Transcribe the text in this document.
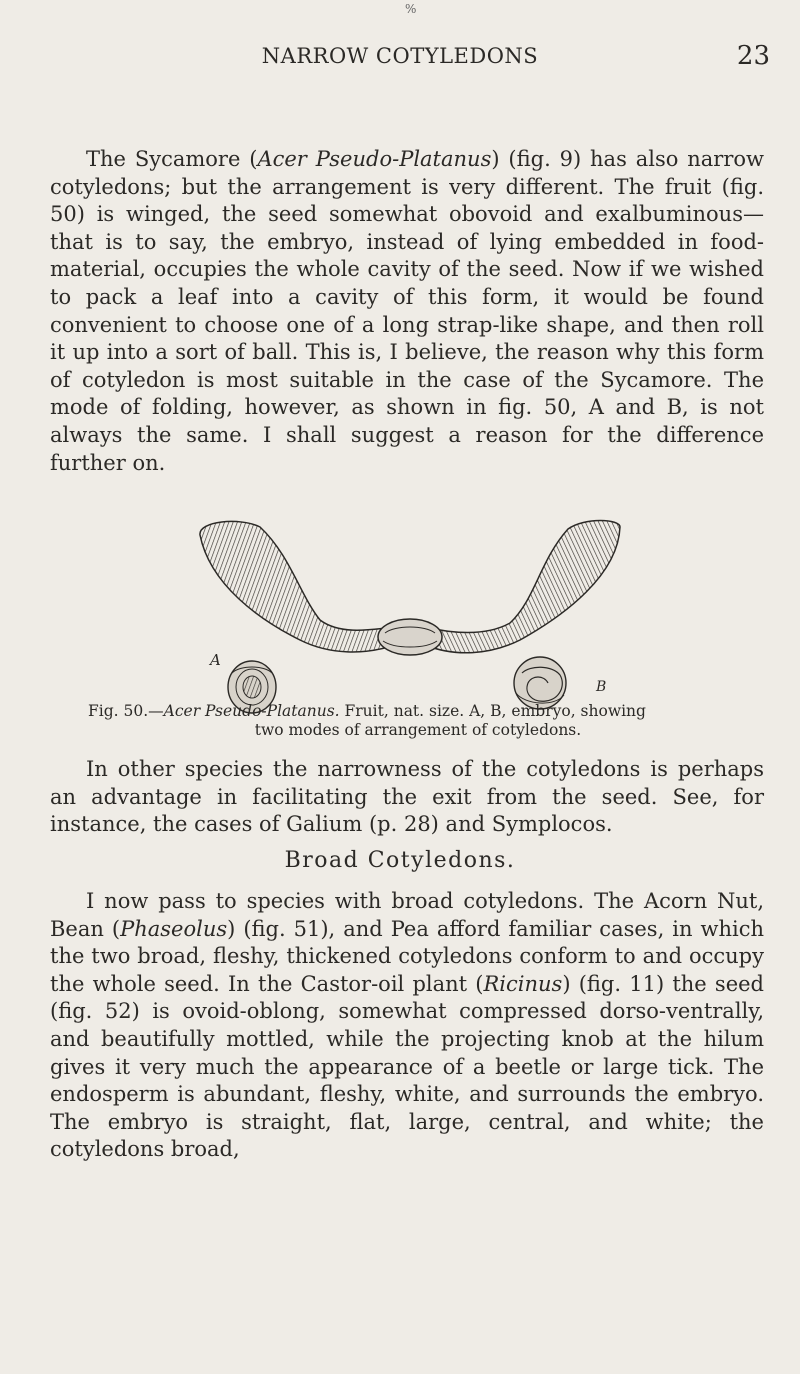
%
NARROW COTYLEDONS	23

The Sycamore (Acer Pseudo-Platanus) (fig. 9) has also narrow cotyledons; but the arrangement is very different. The fruit (fig. 50) is winged, the seed somewhat obovoid and exalbuminous—that is to say, the embryo, instead of lying embedded in food-material, occupies the whole cavity of the seed. Now if we wished to pack a leaf into a cavity of this form, it would be found convenient to choose one of a long strap-like shape, and then roll it up into a sort of ball. This is, I believe, the reason why this form of cotyledon is most suitable in the case of the Sycamore. The mode of folding, however, as shown in fig. 50, A and B, is not always the same. I shall suggest a reason for the difference further on.

A
B

Fig. 50.—Acer Pseudo-Platanus. Fruit, nat. size. A, B, embryo, showing
two modes of arrangement of cotyledons.

In other species the narrowness of the cotyledons is perhaps an advantage in facilitating the exit from the seed. See, for instance, the cases of Galium (p. 28) and Symplocos.

Broad Cotyledons.

I now pass to species with broad cotyledons. The Acorn Nut, Bean (Phaseolus) (fig. 51), and Pea afford familiar cases, in which the two broad, fleshy, thickened cotyledons conform to and occupy the whole seed. In the Castor-oil plant (Ricinus) (fig. 11) the seed (fig. 52) is ovoid-oblong, somewhat compressed dorso-ventrally, and beautifully mottled, while the projecting knob at the hilum gives it very much the appearance of a beetle or large tick. The endosperm is abundant, fleshy, white, and surrounds the embryo. The embryo is straight, flat, large, central, and white; the cotyledons broad,
